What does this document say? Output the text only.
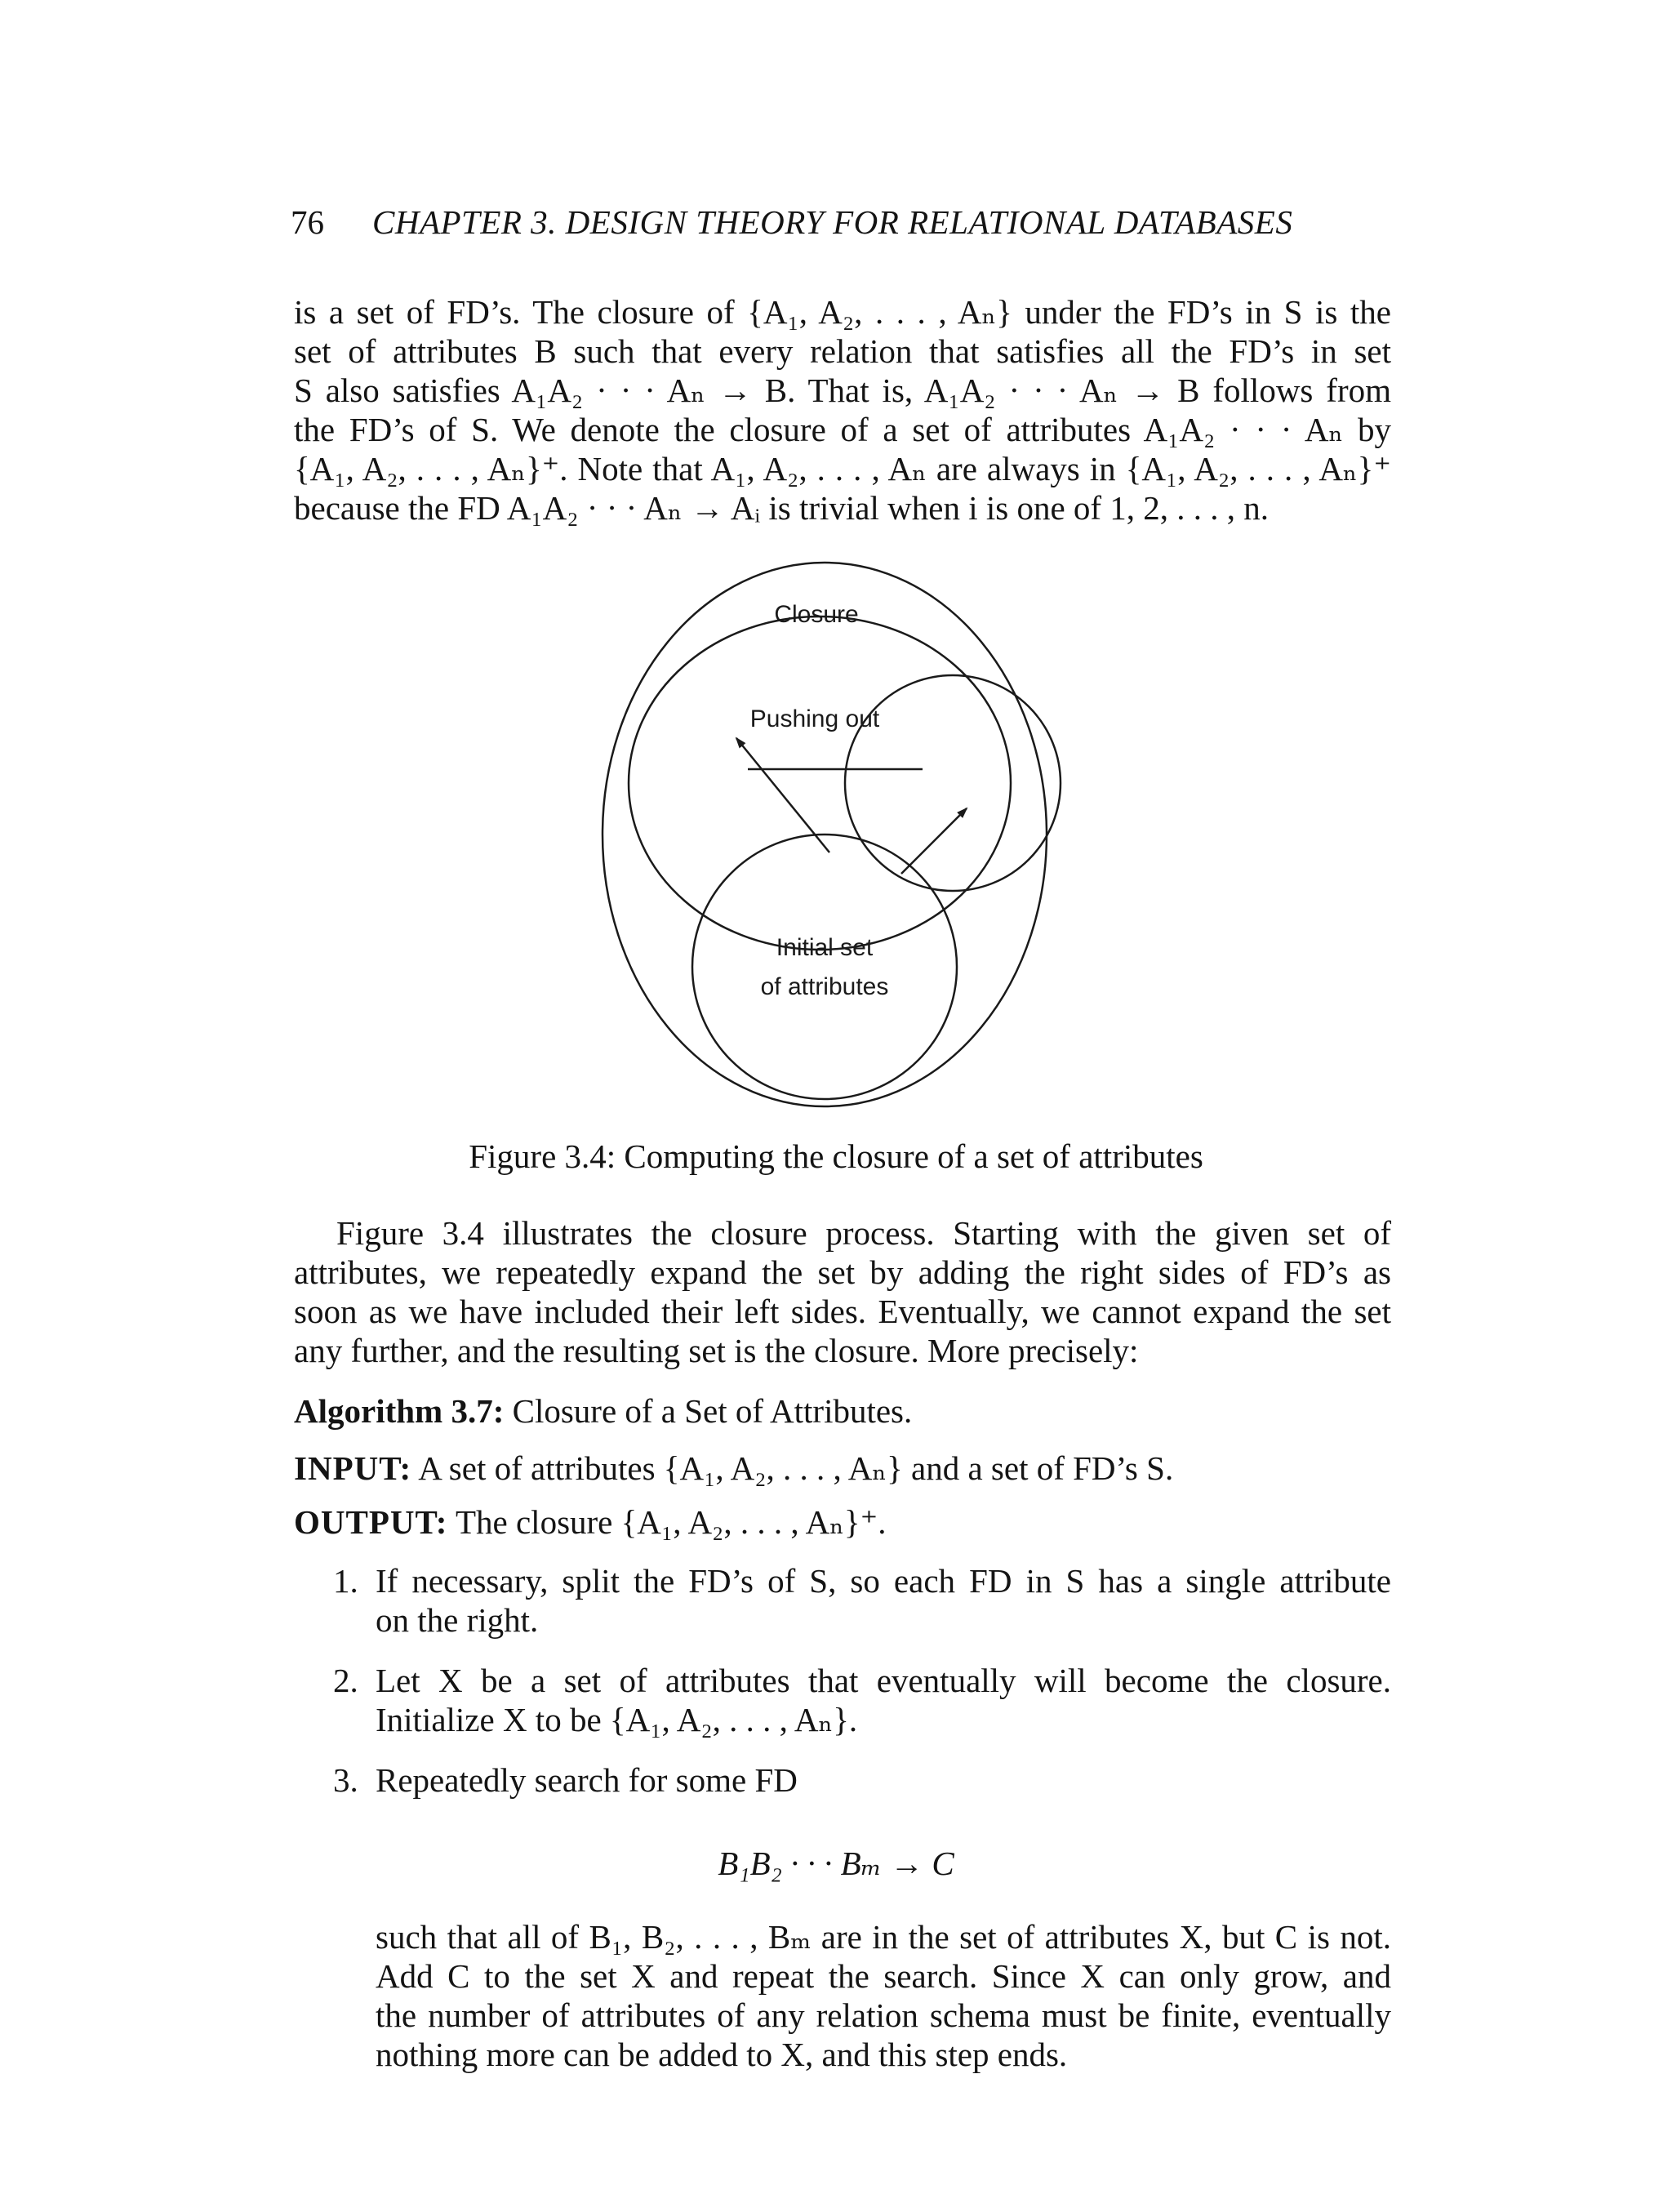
76	CHAPTER 3. DESIGN THEORY FOR RELATIONAL DATABASES
is a set of FD’s. The closure of {A₁, A₂, . . . , Aₙ} under the FD’s in S is the
set of attributes B such that every relation that satisfies all the FD’s in set
S also satisfies A₁A₂ · · · Aₙ → B. That is, A₁A₂ · · · Aₙ → B follows from
the FD’s of S. We denote the closure of a set of attributes A₁A₂ · · · Aₙ by
{A₁, A₂, . . . , Aₙ}⁺. Note that A₁, A₂, . . . , Aₙ are always in {A₁, A₂, . . . , Aₙ}⁺
because the FD A₁A₂ · · · Aₙ → Aᵢ is trivial when i is one of 1, 2, . . . , n.
Closure
Pushing out
Initial set
of attributes
Figure 3.4: Computing the closure of a set of attributes
Figure 3.4 illustrates the closure process. Starting with the given set of
attributes, we repeatedly expand the set by adding the right sides of FD’s as
soon as we have included their left sides. Eventually, we cannot expand the set
any further, and the resulting set is the closure. More precisely:
Algorithm 3.7: Closure of a Set of Attributes.
INPUT: A set of attributes {A₁, A₂, . . . , Aₙ} and a set of FD’s S.
OUTPUT: The closure {A₁, A₂, . . . , Aₙ}⁺.
1. If necessary, split the FD’s of S, so each FD in S has a single attribute
on the right.
2. Let X be a set of attributes that eventually will become the closure.
Initialize X to be {A₁, A₂, . . . , Aₙ}.
3. Repeatedly search for some FD
B₁B₂ · · · Bₘ → C
such that all of B₁, B₂, . . . , Bₘ are in the set of attributes X, but C is not.
Add C to the set X and repeat the search. Since X can only grow, and
the number of attributes of any relation schema must be finite, eventually
nothing more can be added to X, and this step ends.
